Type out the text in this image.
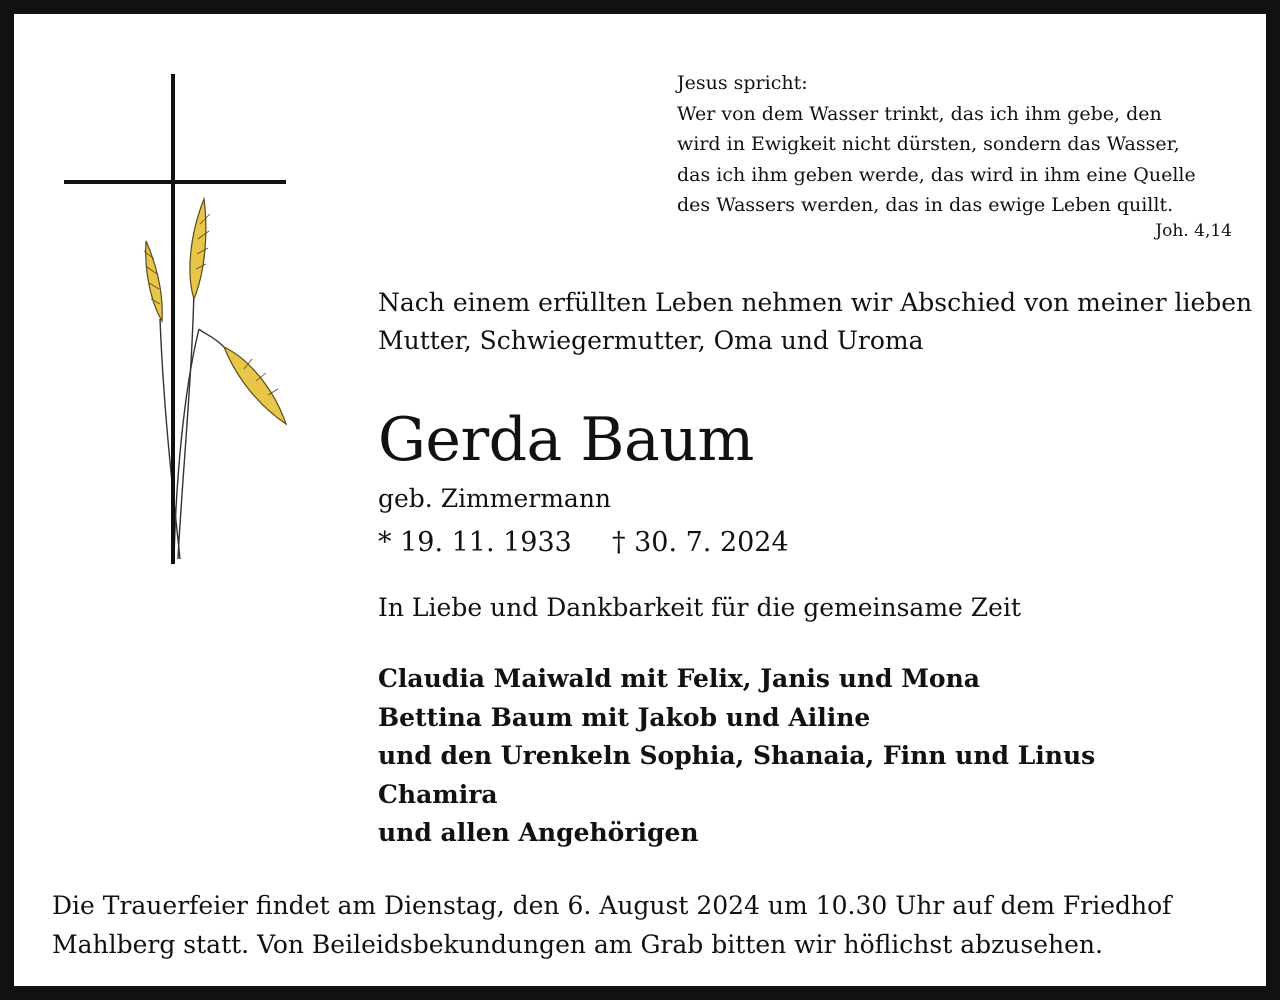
Jesus spricht:
Wer von dem Wasser trinkt, das ich ihm gebe, den
wird in Ewigkeit nicht dürsten, sondern das Wasser,
das ich ihm geben werde, das wird in ihm eine Quelle
des Wassers werden, das in das ewige Leben quillt.
Joh. 4,14
Nach einem erfüllten Leben nehmen wir Abschied von meiner lieben
Mutter, Schwiegermutter, Oma und Uroma
Gerda Baum
geb. Zimmermann
* 19. 11. 1933 † 30. 7. 2024
In Liebe und Dankbarkeit für die gemeinsame Zeit
Claudia Maiwald mit Felix, Janis und Mona
Bettina Baum mit Jakob und Ailine
und den Urenkeln Sophia, Shanaia, Finn und Linus
Chamira
und allen Angehörigen
Die Trauerfeier findet am Dienstag, den 6. August 2024 um 10.30 Uhr auf dem Friedhof
Mahlberg statt. Von Beileidsbekundungen am Grab bitten wir höflichst abzusehen.
